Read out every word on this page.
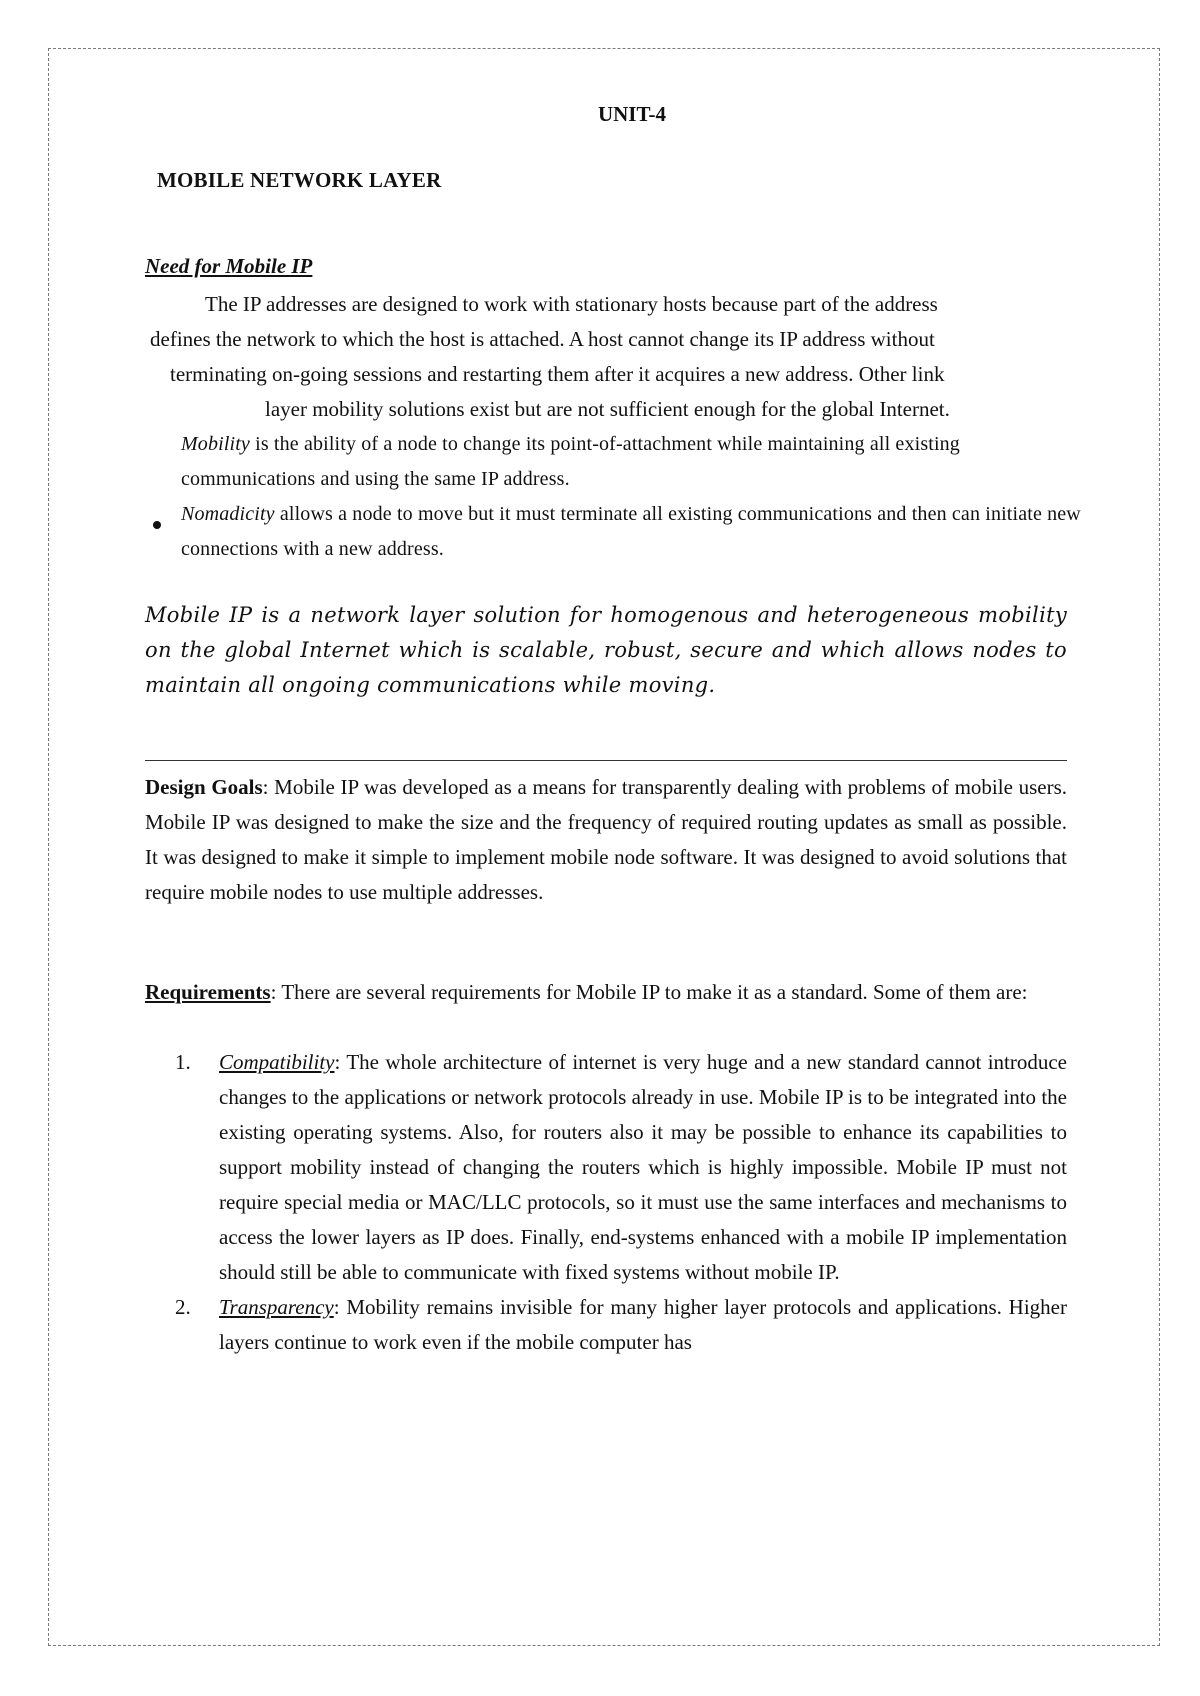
UNIT-4
MOBILE NETWORK LAYER
Need for Mobile IP
The IP addresses are designed to work with stationary hosts because part of the address
defines the network to which the host is attached. A host cannot change its IP address without
terminating on-going sessions and restarting them after it acquires a new address. Other link
layer mobility solutions exist but are not sufficient enough for the global Internet.
Mobility is the ability of a node to change its point-of-attachment while maintaining all existing communications and using the same IP address.
Nomadicity allows a node to move but it must terminate all existing communications and then can initiate new connections with a new address.
Mobile IP is a network layer solution for homogenous and heterogeneous mobility on the global Internet which is scalable, robust, secure and which allows nodes to maintain all ongoing communications while moving.
Design Goals: Mobile IP was developed as a means for transparently dealing with problems of mobile users. Mobile IP was designed to make the size and the frequency of required routing updates as small as possible. It was designed to make it simple to implement mobile node software. It was designed to avoid solutions that require mobile nodes to use multiple addresses.
Requirements: There are several requirements for Mobile IP to make it as a standard. Some of them are:
1. Compatibility: The whole architecture of internet is very huge and a new standard cannot introduce changes to the applications or network protocols already in use. Mobile IP is to be integrated into the existing operating systems. Also, for routers also it may be possible to enhance its capabilities to support mobility instead of changing the routers which is highly impossible. Mobile IP must not require special media or MAC/LLC protocols, so it must use the same interfaces and mechanisms to access the lower layers as IP does. Finally, end-systems enhanced with a mobile IP implementation should still be able to communicate with fixed systems without mobile IP.
2. Transparency: Mobility remains invisible for many higher layer protocols and applications. Higher layers continue to work even if the mobile computer has
